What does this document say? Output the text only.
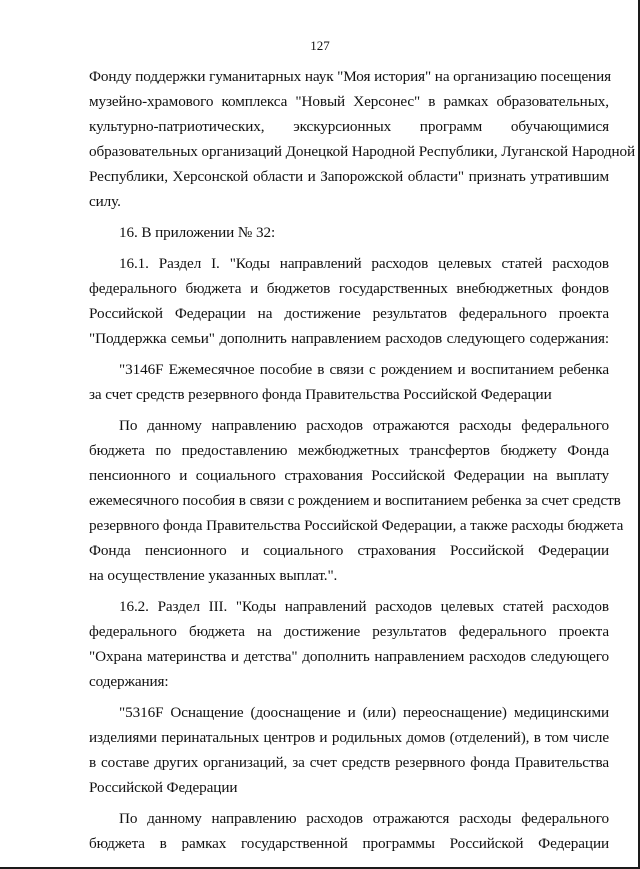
127
Фонду поддержки гуманитарных наук "Моя история" на организацию посещения
музейно-храмового комплекса "Новый Херсонес" в рамках образовательных,
культурно-патриотических, экскурсионных программ обучающимися
образовательных организаций Донецкой Народной Республики, Луганской Народной
Республики, Херсонской области и Запорожской области" признать утратившим
силу.
16. В приложении № 32:
16.1. Раздел I. "Коды направлений расходов целевых статей расходов
федерального бюджета и бюджетов государственных внебюджетных фондов
Российской Федерации на достижение результатов федерального проекта
"Поддержка семьи" дополнить направлением расходов следующего содержания:
"3146F Ежемесячное пособие в связи с рождением и воспитанием ребенка
за счет средств резервного фонда Правительства Российской Федерации
По данному направлению расходов отражаются расходы федерального
бюджета по предоставлению межбюджетных трансфертов бюджету Фонда
пенсионного и социального страхования Российской Федерации на выплату
ежемесячного пособия в связи с рождением и воспитанием ребенка за счет средств
резервного фонда Правительства Российской Федерации, а также расходы бюджета
Фонда пенсионного и социального страхования Российской Федерации
на осуществление указанных выплат.".
16.2. Раздел III. "Коды направлений расходов целевых статей расходов
федерального бюджета на достижение результатов федерального проекта
"Охрана материнства и детства" дополнить направлением расходов следующего
содержания:
"5316F Оснащение (дооснащение и (или) переоснащение) медицинскими
изделиями перинатальных центров и родильных домов (отделений), в том числе
в составе других организаций, за счет средств резервного фонда Правительства
Российской Федерации
По данному направлению расходов отражаются расходы федерального
бюджета в рамках государственной программы Российской Федерации
